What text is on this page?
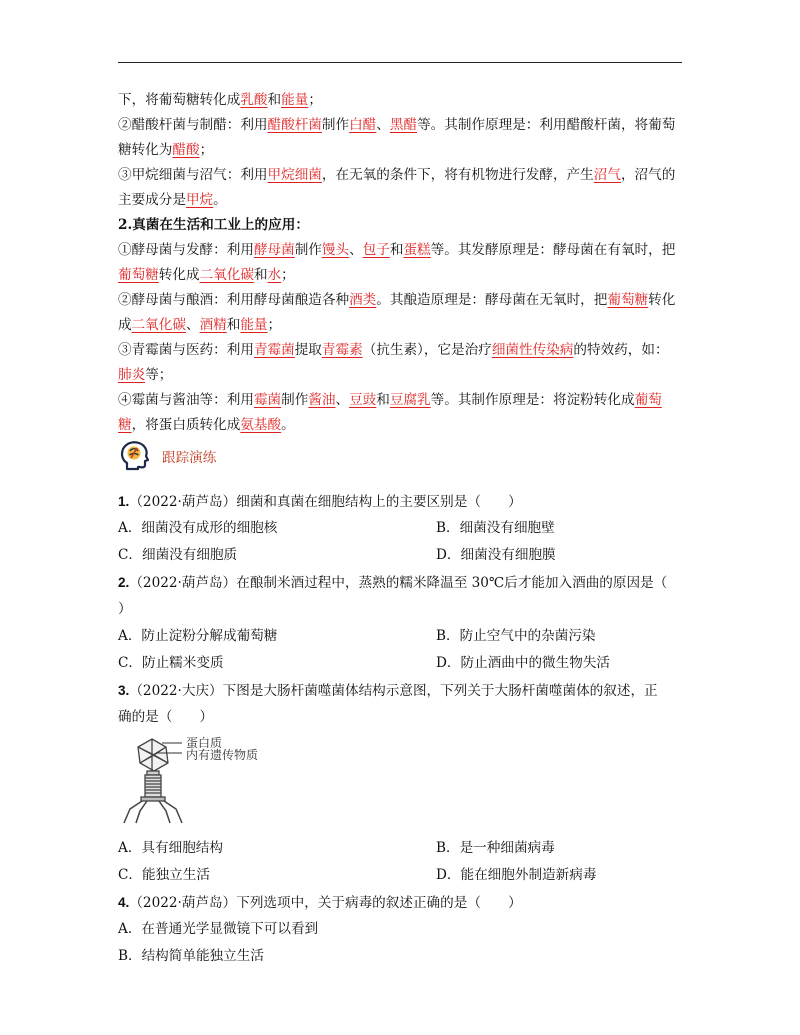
下，将葡萄糖转化成乳酸和能量；
②醋酸杆菌与制醋：利用醋酸杆菌制作白醋、黑醋等。其制作原理是：利用醋酸杆菌，将葡萄
糖转化为醋酸；
③甲烷细菌与沼气：利用甲烷细菌，在无氧的条件下，将有机物进行发酵，产生沼气，沼气的
主要成分是甲烷。
2.真菌在生活和工业上的应用：
①酵母菌与发酵：利用酵母菌制作馒头、包子和蛋糕等。其发酵原理是：酵母菌在有氧时，把
葡萄糖转化成二氧化碳和水；
②酵母菌与酿酒：利用酵母菌酿造各种酒类。其酿造原理是：酵母菌在无氧时，把葡萄糖转化
成二氧化碳、酒精和能量；
③青霉菌与医药：利用青霉菌提取青霉素（抗生素），它是治疗细菌性传染病的特效药，如：
肺炎等；
④霉菌与酱油等：利用霉菌制作酱油、豆豉和豆腐乳等。其制作原理是：将淀粉转化成葡萄
糖，将蛋白质转化成氨基酸。
跟踪演练
1.（2022·葫芦岛）细菌和真菌在细胞结构上的主要区别是（　　）
A．细菌没有成形的细胞核	B．细菌没有细胞壁
C．细菌没有细胞质	D．细菌没有细胞膜
2.（2022·葫芦岛）在酿制米酒过程中，蒸熟的糯米降温至 30℃后才能加入酒曲的原因是（
）
A．防止淀粉分解成葡萄糖	B．防止空气中的杂菌污染
C．防止糯米变质	D．防止酒曲中的微生物失活
3.（2022·大庆）下图是大肠杆菌噬菌体结构示意图，下列关于大肠杆菌噬菌体的叙述，正
确的是（　　）
蛋白质
内有遗传物质
A．具有细胞结构	B．是一种细菌病毒
C．能独立生活	D．能在细胞外制造新病毒
4.（2022·葫芦岛）下列选项中，关于病毒的叙述正确的是（　　）
A．在普通光学显微镜下可以看到
B．结构简单能独立生活
